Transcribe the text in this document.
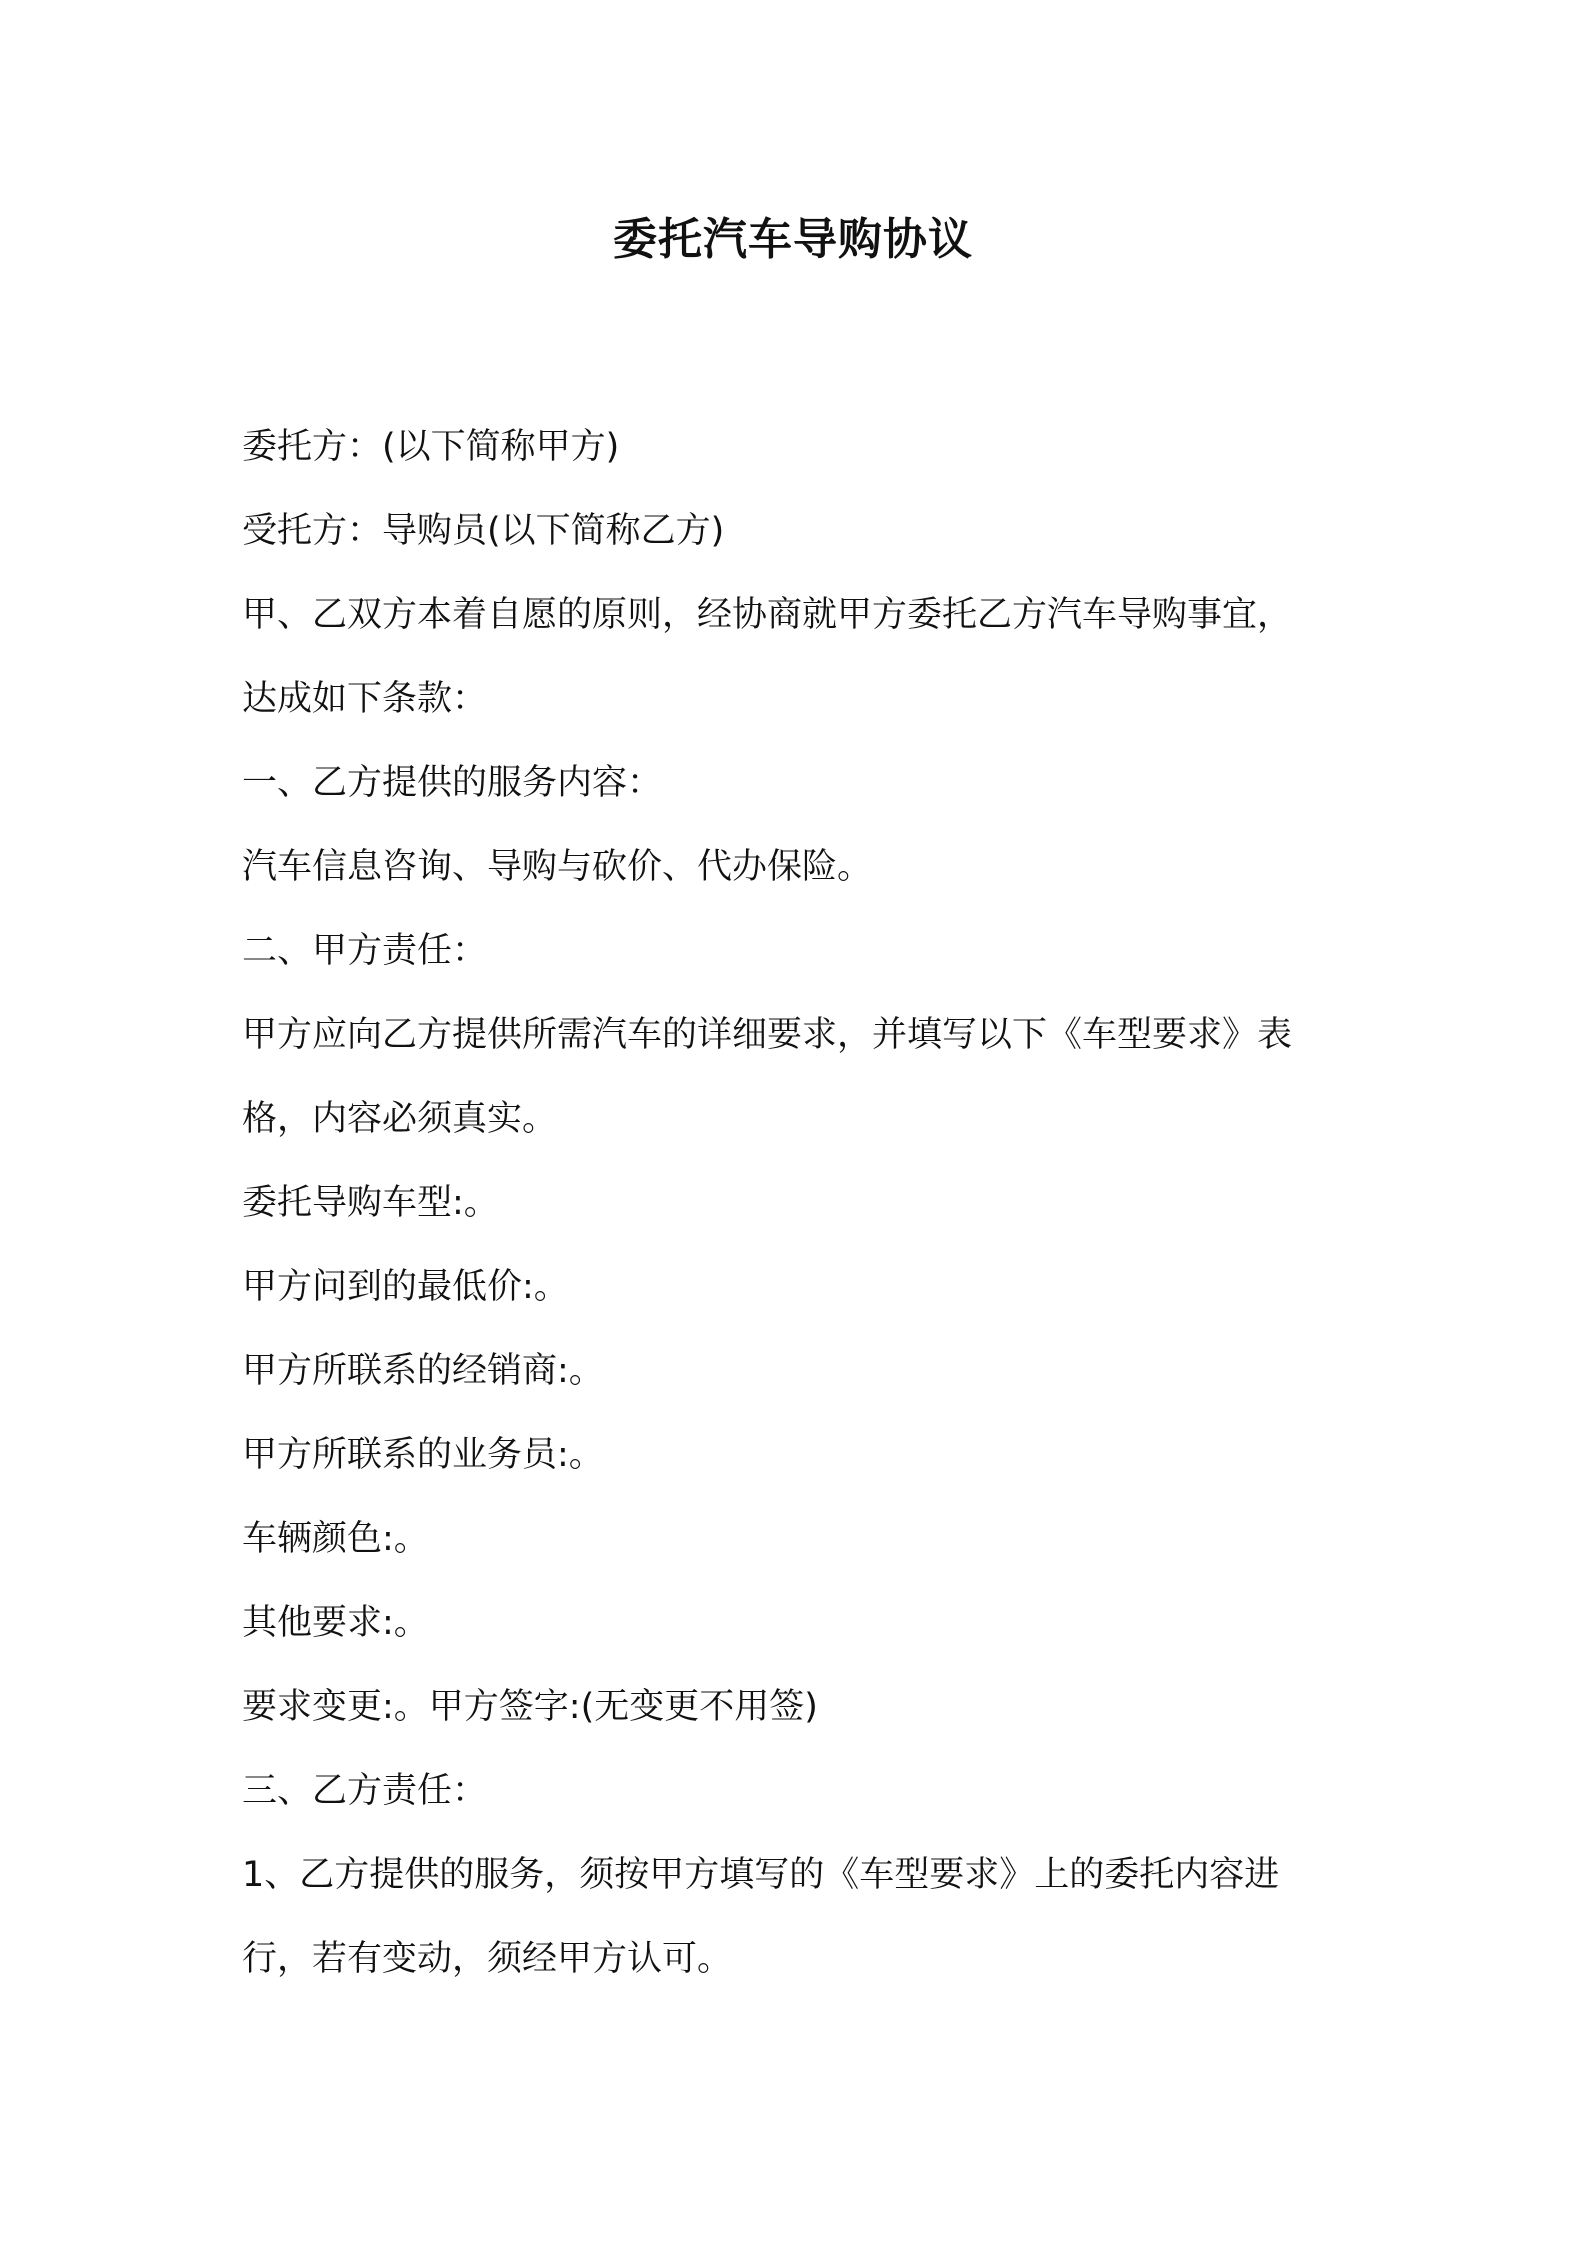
委托汽车导购协议

委托方：(以下简称甲方)

受托方：导购员(以下简称乙方)

甲、乙双方本着自愿的原则，经协商就甲方委托乙方汽车导购事宜，

达成如下条款：

一、乙方提供的服务内容：

汽车信息咨询、导购与砍价、代办保险。

二、甲方责任：

甲方应向乙方提供所需汽车的详细要求，并填写以下《车型要求》表

格，内容必须真实。

委托导购车型:。

甲方问到的最低价:。

甲方所联系的经销商:。

甲方所联系的业务员:。

车辆颜色:。

其他要求:。

要求变更:。甲方签字:(无变更不用签)

三、乙方责任：

1、乙方提供的服务，须按甲方填写的《车型要求》上的委托内容进

行，若有变动，须经甲方认可。
